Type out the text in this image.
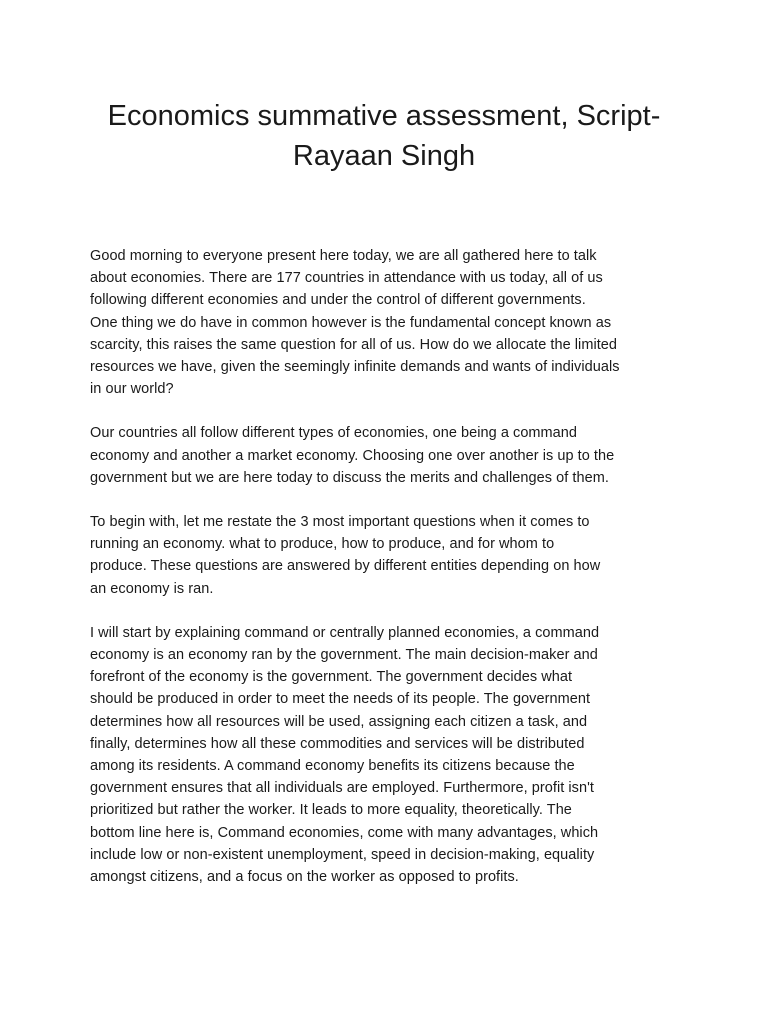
Economics summative assessment, Script-
Rayaan Singh

Good morning to everyone present here today, we are all gathered here to talk
about economies. There are 177 countries in attendance with us today, all of us
following different economies and under the control of different governments.
One thing we do have in common however is the fundamental concept known as
scarcity, this raises the same question for all of us. How do we allocate the limited
resources we have, given the seemingly infinite demands and wants of individuals
in our world?

Our countries all follow different types of economies, one being a command
economy and another a market economy. Choosing one over another is up to the
government but we are here today to discuss the merits and challenges of them.

To begin with, let me restate the 3 most important questions when it comes to
running an economy. what to produce, how to produce, and for whom to
produce. These questions are answered by different entities depending on how
an economy is ran.

I will start by explaining command or centrally planned economies, a command
economy is an economy ran by the government. The main decision-maker and
forefront of the economy is the government. The government decides what
should be produced in order to meet the needs of its people. The government
determines how all resources will be used, assigning each citizen a task, and
finally, determines how all these commodities and services will be distributed
among its residents. A command economy benefits its citizens because the
government ensures that all individuals are employed. Furthermore, profit isn't
prioritized but rather the worker. It leads to more equality, theoretically. The
bottom line here is, Command economies, come with many advantages, which
include low or non-existent unemployment, speed in decision-making, equality
amongst citizens, and a focus on the worker as opposed to profits.
